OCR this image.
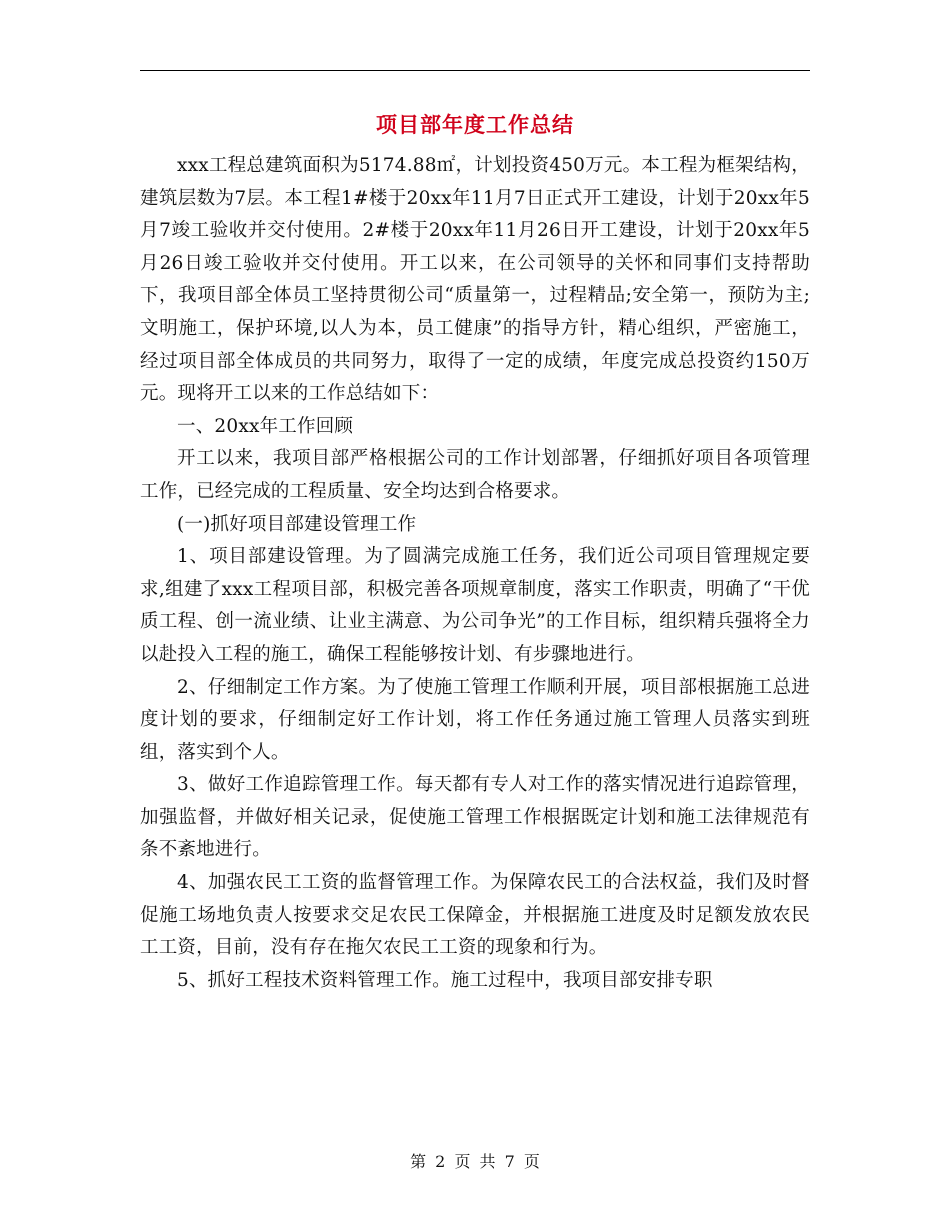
项目部年度工作总结

xxx工程总建筑面积为5174.88㎡，计划投资450万元。本工程为框架结构，建筑层数为7层。本工程1#楼于20xx年11月7日正式开工建设，计划于20xx年5月7竣工验收并交付使用。2#楼于20xx年11月26日开工建设，计划于20xx年5月26日竣工验收并交付使用。开工以来，在公司领导的关怀和同事们支持帮助下，我项目部全体员工坚持贯彻公司“质量第一，过程精品;安全第一，预防为主;文明施工，保护环境,以人为本，员工健康”的指导方针，精心组织，严密施工，经过项目部全体成员的共同努力，取得了一定的成绩，年度完成总投资约150万元。现将开工以来的工作总结如下：

一、20xx年工作回顾

开工以来，我项目部严格根据公司的工作计划部署，仔细抓好项目各项管理工作，已经完成的工程质量、安全均达到合格要求。

(一)抓好项目部建设管理工作

1、项目部建设管理。为了圆满完成施工任务，我们近公司项目管理规定要求,组建了xxx工程项目部，积极完善各项规章制度，落实工作职责，明确了“干优质工程、创一流业绩、让业主满意、为公司争光”的工作目标，组织精兵强将全力以赴投入工程的施工，确保工程能够按计划、有步骤地进行。

2、仔细制定工作方案。为了使施工管理工作顺利开展，项目部根据施工总进度计划的要求，仔细制定好工作计划，将工作任务通过施工管理人员落实到班组，落实到个人。

3、做好工作追踪管理工作。每天都有专人对工作的落实情况进行追踪管理，加强监督，并做好相关记录，促使施工管理工作根据既定计划和施工法律规范有条不紊地进行。

4、加强农民工工资的监督管理工作。为保障农民工的合法权益，我们及时督促施工场地负责人按要求交足农民工保障金，并根据施工进度及时足额发放农民工工资，目前，没有存在拖欠农民工工资的现象和行为。

5、抓好工程技术资料管理工作。施工过程中，我项目部安排专职

第 2 页 共 7 页
